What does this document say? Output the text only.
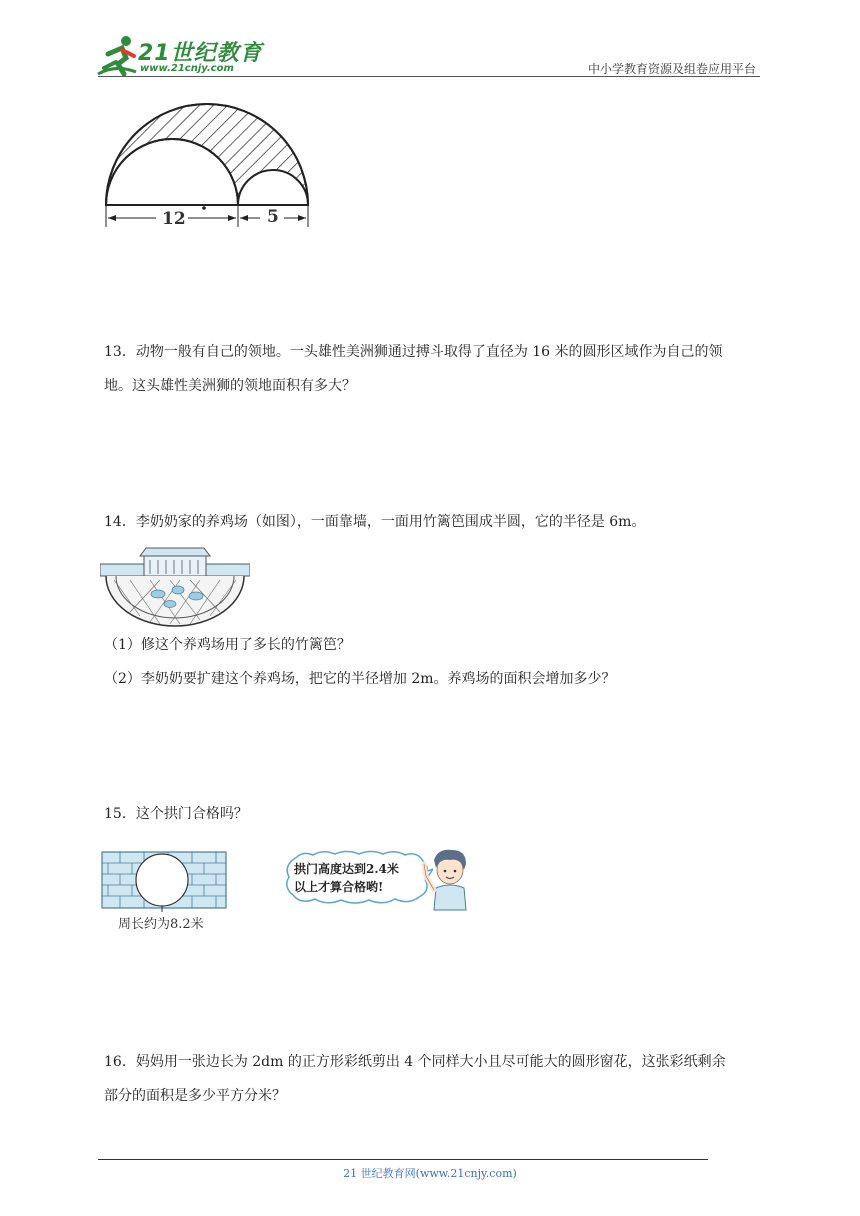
21世纪教育
www.21cnjy.com	中小学教育资源及组卷应用平台
12	5
13．动物一般有自己的领地。一头雄性美洲狮通过搏斗取得了直径为 16 米的圆形区域作为自己的领
地。这头雄性美洲狮的领地面积有多大？
14．李奶奶家的养鸡场（如图），一面靠墙，一面用竹篱笆围成半圆，它的半径是 6m。
（1）修这个养鸡场用了多长的竹篱笆？
（2）李奶奶要扩建这个养鸡场，把它的半径增加 2m。养鸡场的面积会增加多少？
15．这个拱门合格吗？
周长约为8.2米
拱门高度达到2.4米
以上才算合格哟!
16．妈妈用一张边长为 2dm 的正方形彩纸剪出 4 个同样大小且尽可能大的圆形窗花，这张彩纸剩余
部分的面积是多少平方分米？
21 世纪教育网(www.21cnjy.com)
